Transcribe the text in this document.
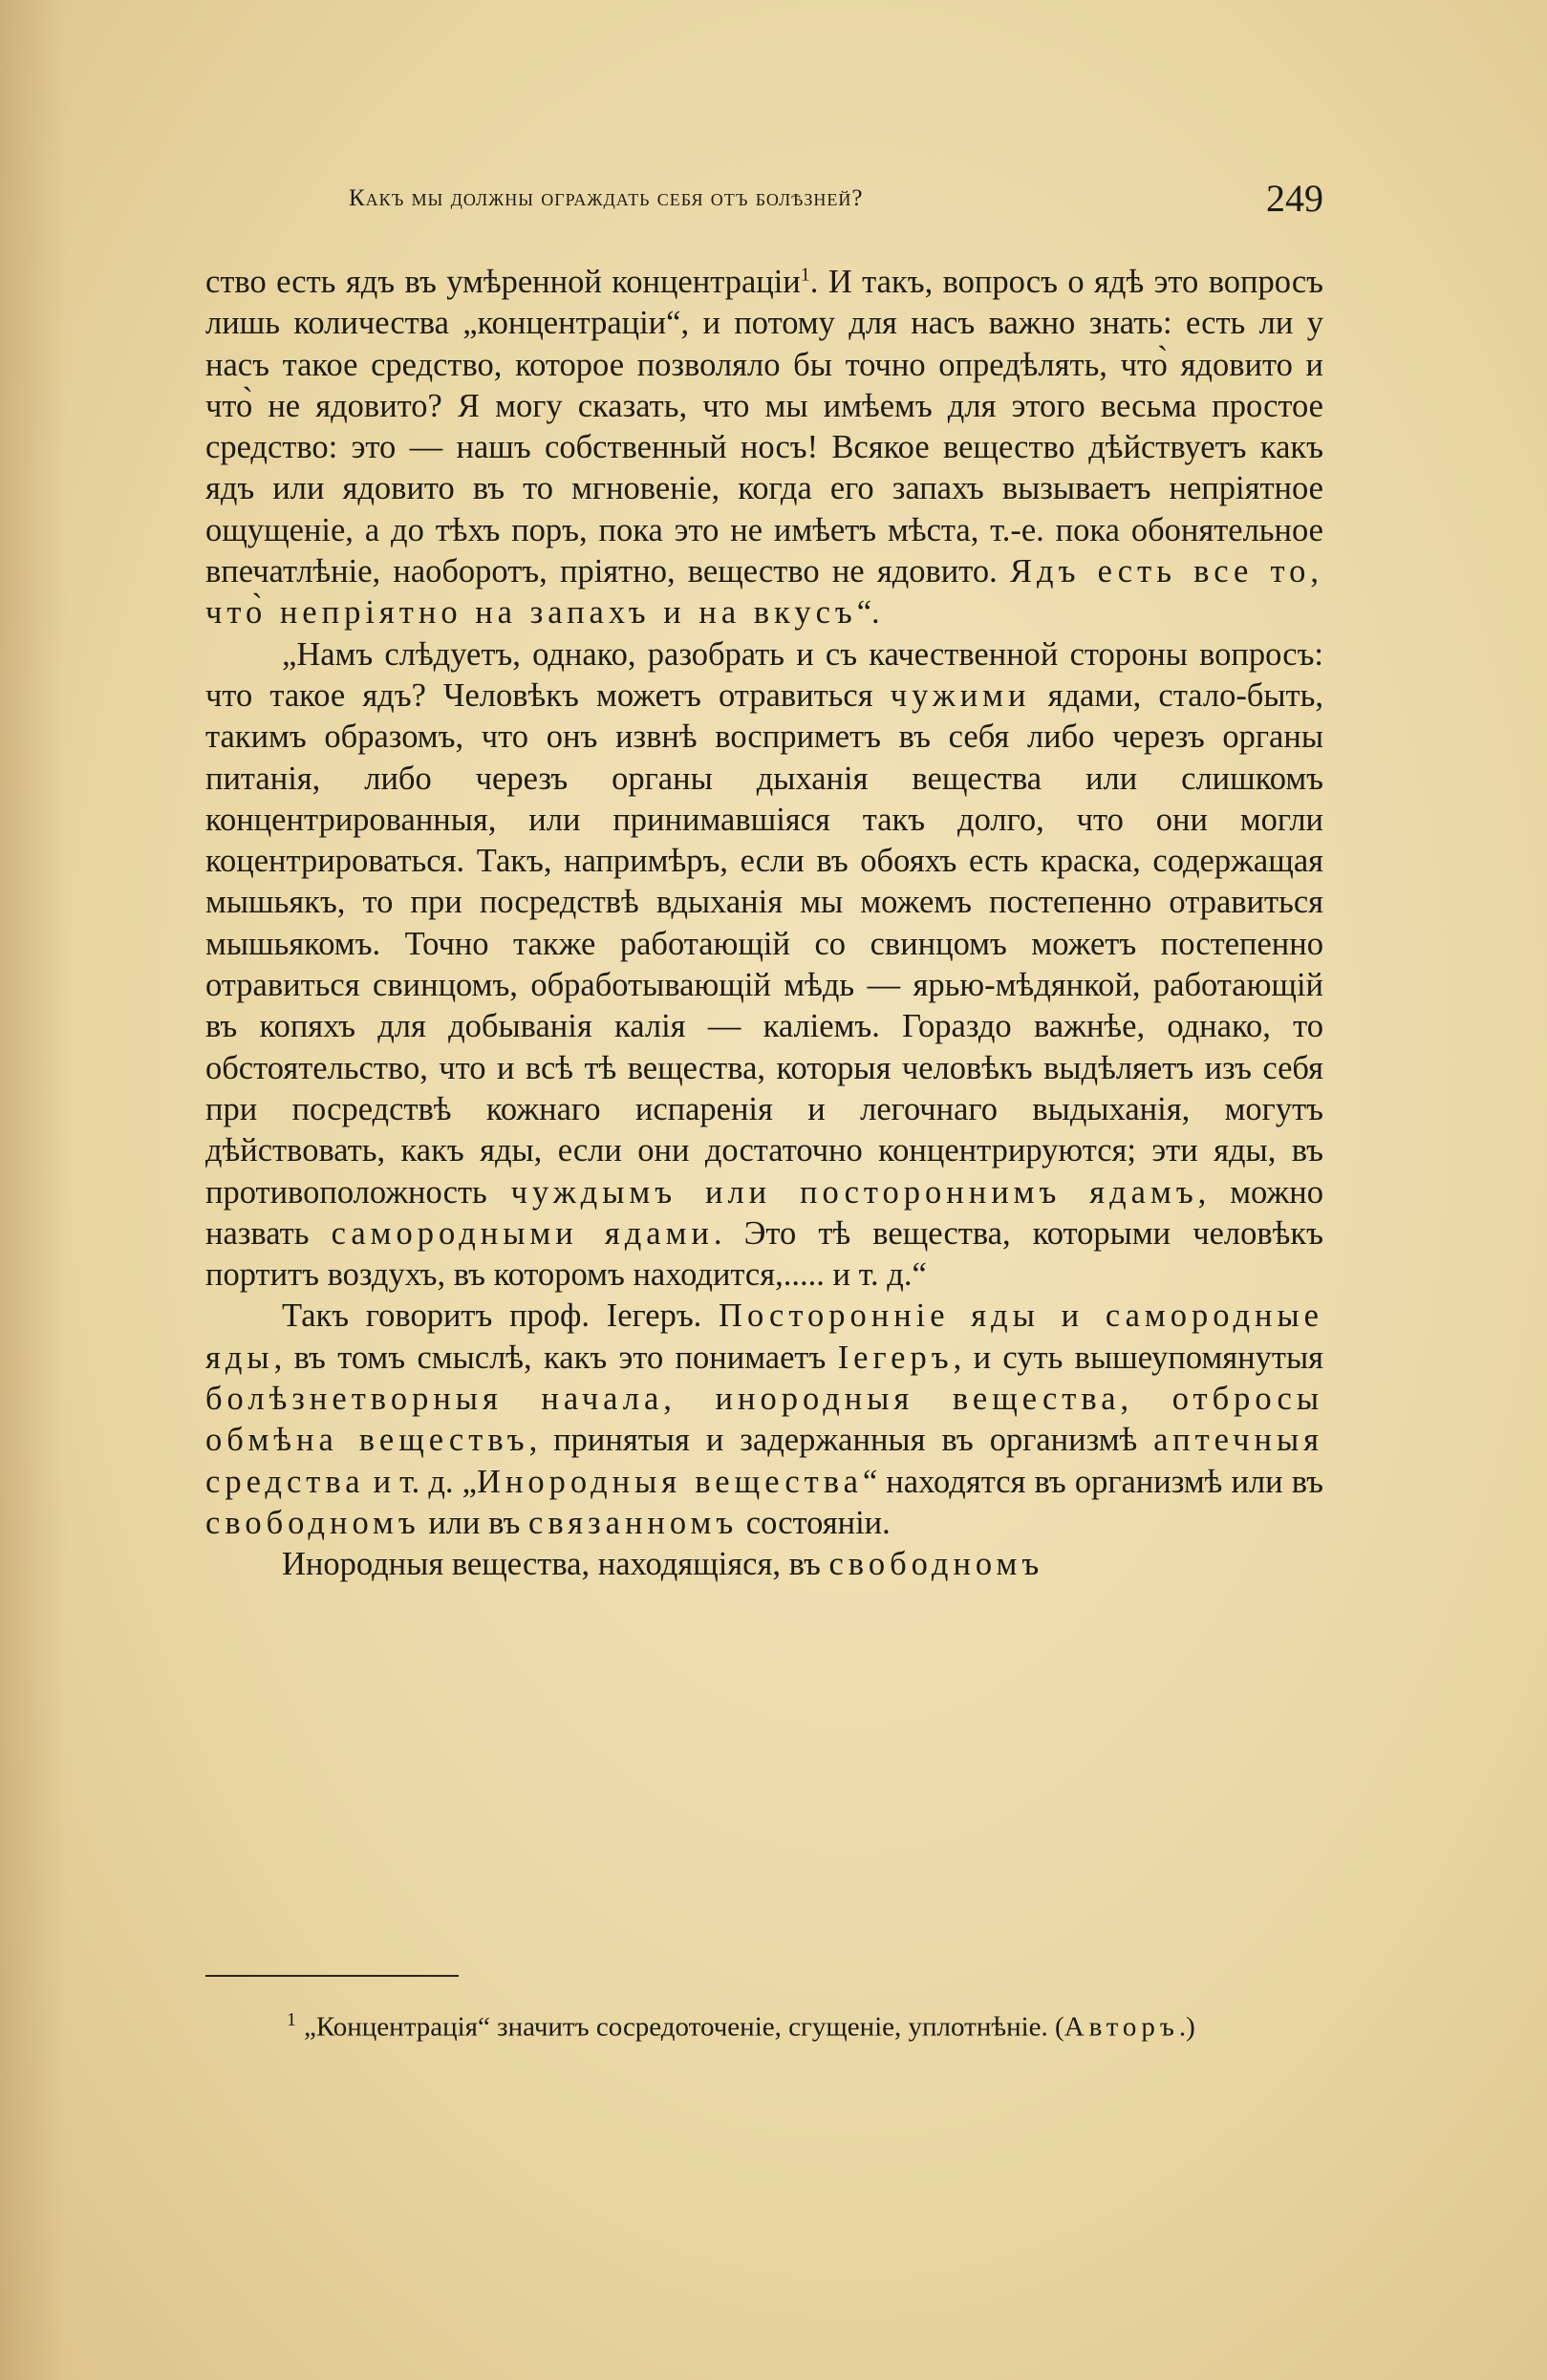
Какъ мы должны ограждать себя отъ болѣзней?	249

ство есть ядъ въ умѣренной концентраціи$^1$. И такъ, вопросъ о ядѣ это вопросъ лишь количества „концентраціи“, и потому для насъ важно знать: есть ли у насъ такое средство, которое позволяло бы точно опредѣлять, что̀ ядовито и что̀ не ядовито? Я могу сказать, что мы имѣемъ для этого весьма простое средство: это — нашъ собственный носъ! Всякое вещество дѣйствуетъ какъ ядъ или ядовито въ то мгновеніе, когда его запахъ вызываетъ непріятное ощущеніе, а до тѣхъ поръ, пока это не имѣетъ мѣста, т.-е. пока обонятельное впечатлѣніе, наоборотъ, пріятно, вещество не ядовито. Ядъ есть все то, что̀ непріятно на запахъ и на вкусъ“.

„Намъ слѣдуетъ, однако, разобрать и съ качественной стороны вопросъ: что такое ядъ? Человѣкъ можетъ отравиться чужими ядами, стало-быть, такимъ образомъ, что онъ извнѣ восприметъ въ себя либо черезъ органы питанія, либо черезъ органы дыханія вещества или слишкомъ концентрированныя, или принимавшіяся такъ долго, что они могли коцентрироваться. Такъ, напримѣръ, если въ обояхъ есть краска, содержащая мышьякъ, то при посредствѣ вдыханія мы можемъ постепенно отравиться мышьякомъ. Точно также работающій со свинцомъ можетъ постепенно отравиться свинцомъ, обработывающій мѣдь — ярью-мѣдянкой, работающій въ копяхъ для добыванія калія — каліемъ. Гораздо важнѣе, однако, то обстоятельство, что и всѣ тѣ вещества, которыя человѣкъ выдѣляетъ изъ себя при посредствѣ кожнаго испаренія и легочнаго выдыханія, могутъ дѣйствовать, какъ яды, если они достаточно концентрируются; эти яды, въ противоположность чуждымъ или постороннимъ ядамъ, можно назвать самородными ядами. Это тѣ вещества, которыми человѣкъ портитъ воздухъ, въ которомъ находится,..... и т. д.“

Такъ говоритъ проф. Іегеръ. Посторонніе яды и самородные яды, въ томъ смыслѣ, какъ это понимаетъ Іегеръ, и суть вышеупомянутыя болѣзнетворныя начала, инородныя вещества, отбросы обмѣна веществъ, принятыя и задержанныя въ организмѣ аптечныя средства и т. д. „Инородныя вещества“ находятся въ организмѣ или въ свободномъ или въ связанномъ состояніи.

Инородныя вещества, находящіяся, въ свободномъ

$^1$ „Концентрація“ значитъ сосредоточеніе, сгущеніе, уплотнѣніе. (Авторъ.)
